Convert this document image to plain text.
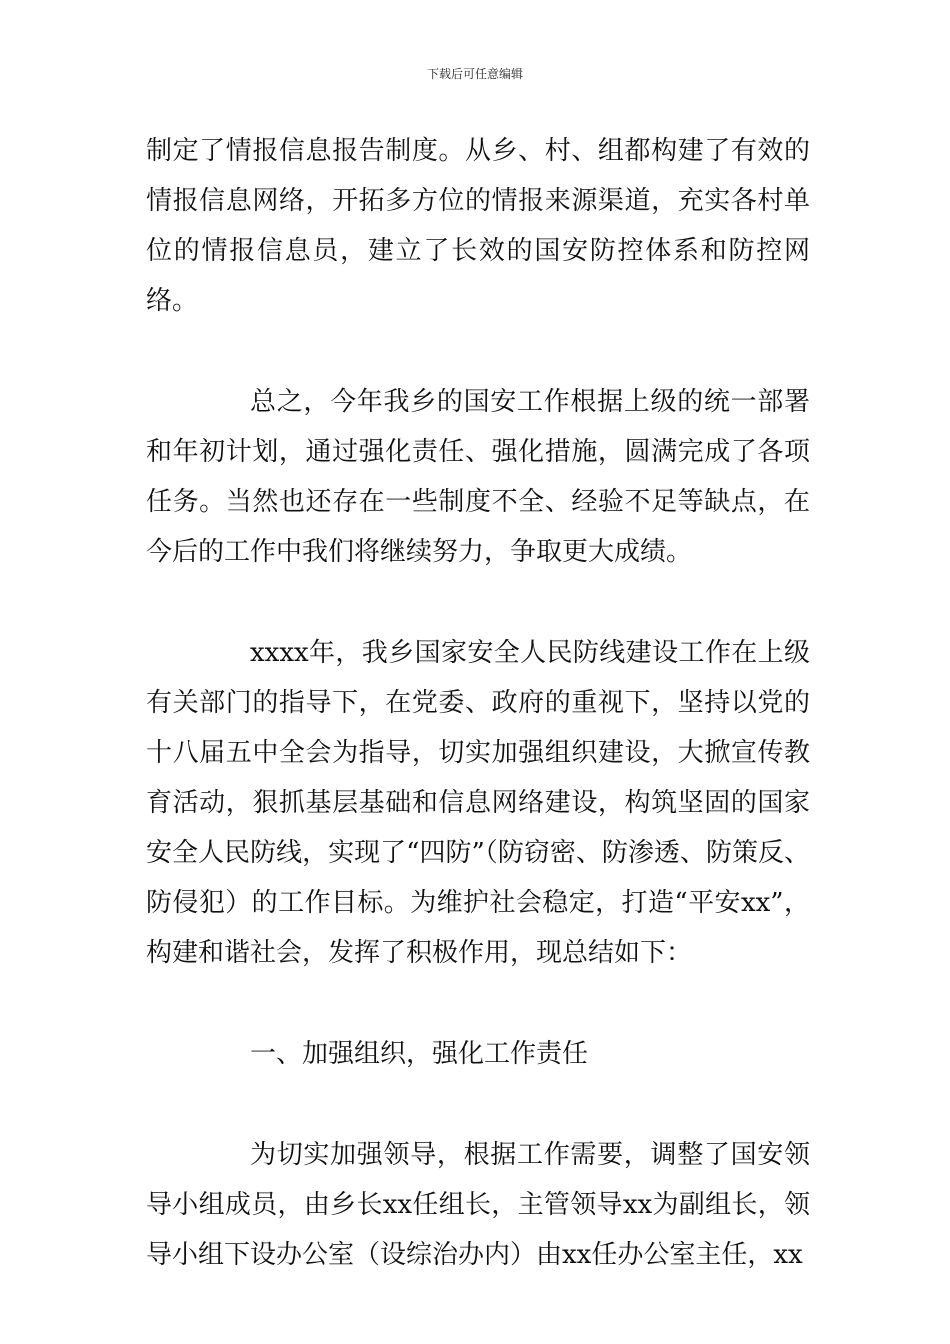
下载后可任意编辑

制定了情报信息报告制度。从乡、村、组都构建了有效的情报信息网络，开拓多方位的情报来源渠道，充实各村单位的情报信息员，建立了长效的国安防控体系和防控网络。

总之，今年我乡的国安工作根据上级的统一部署和年初计划，通过强化责任、强化措施，圆满完成了各项任务。当然也还存在一些制度不全、经验不足等缺点，在今后的工作中我们将继续努力，争取更大成绩。

xxxx年，我乡国家安全人民防线建设工作在上级有关部门的指导下，在党委、政府的重视下，坚持以党的十八届五中全会为指导，切实加强组织建设，大掀宣传教育活动，狠抓基层基础和信息网络建设，构筑坚固的国家安全人民防线，实现了“四防”（防窃密、防渗透、防策反、防侵犯）的工作目标。为维护社会稳定，打造“平安xx”，构建和谐社会，发挥了积极作用，现总结如下：

一、加强组织，强化工作责任

为切实加强领导，根据工作需要，调整了国安领导小组成员，由乡长xx任组长，主管领导xx为副组长，领导小组下设办公室（设综治办内）由xx任办公室主任，xx
